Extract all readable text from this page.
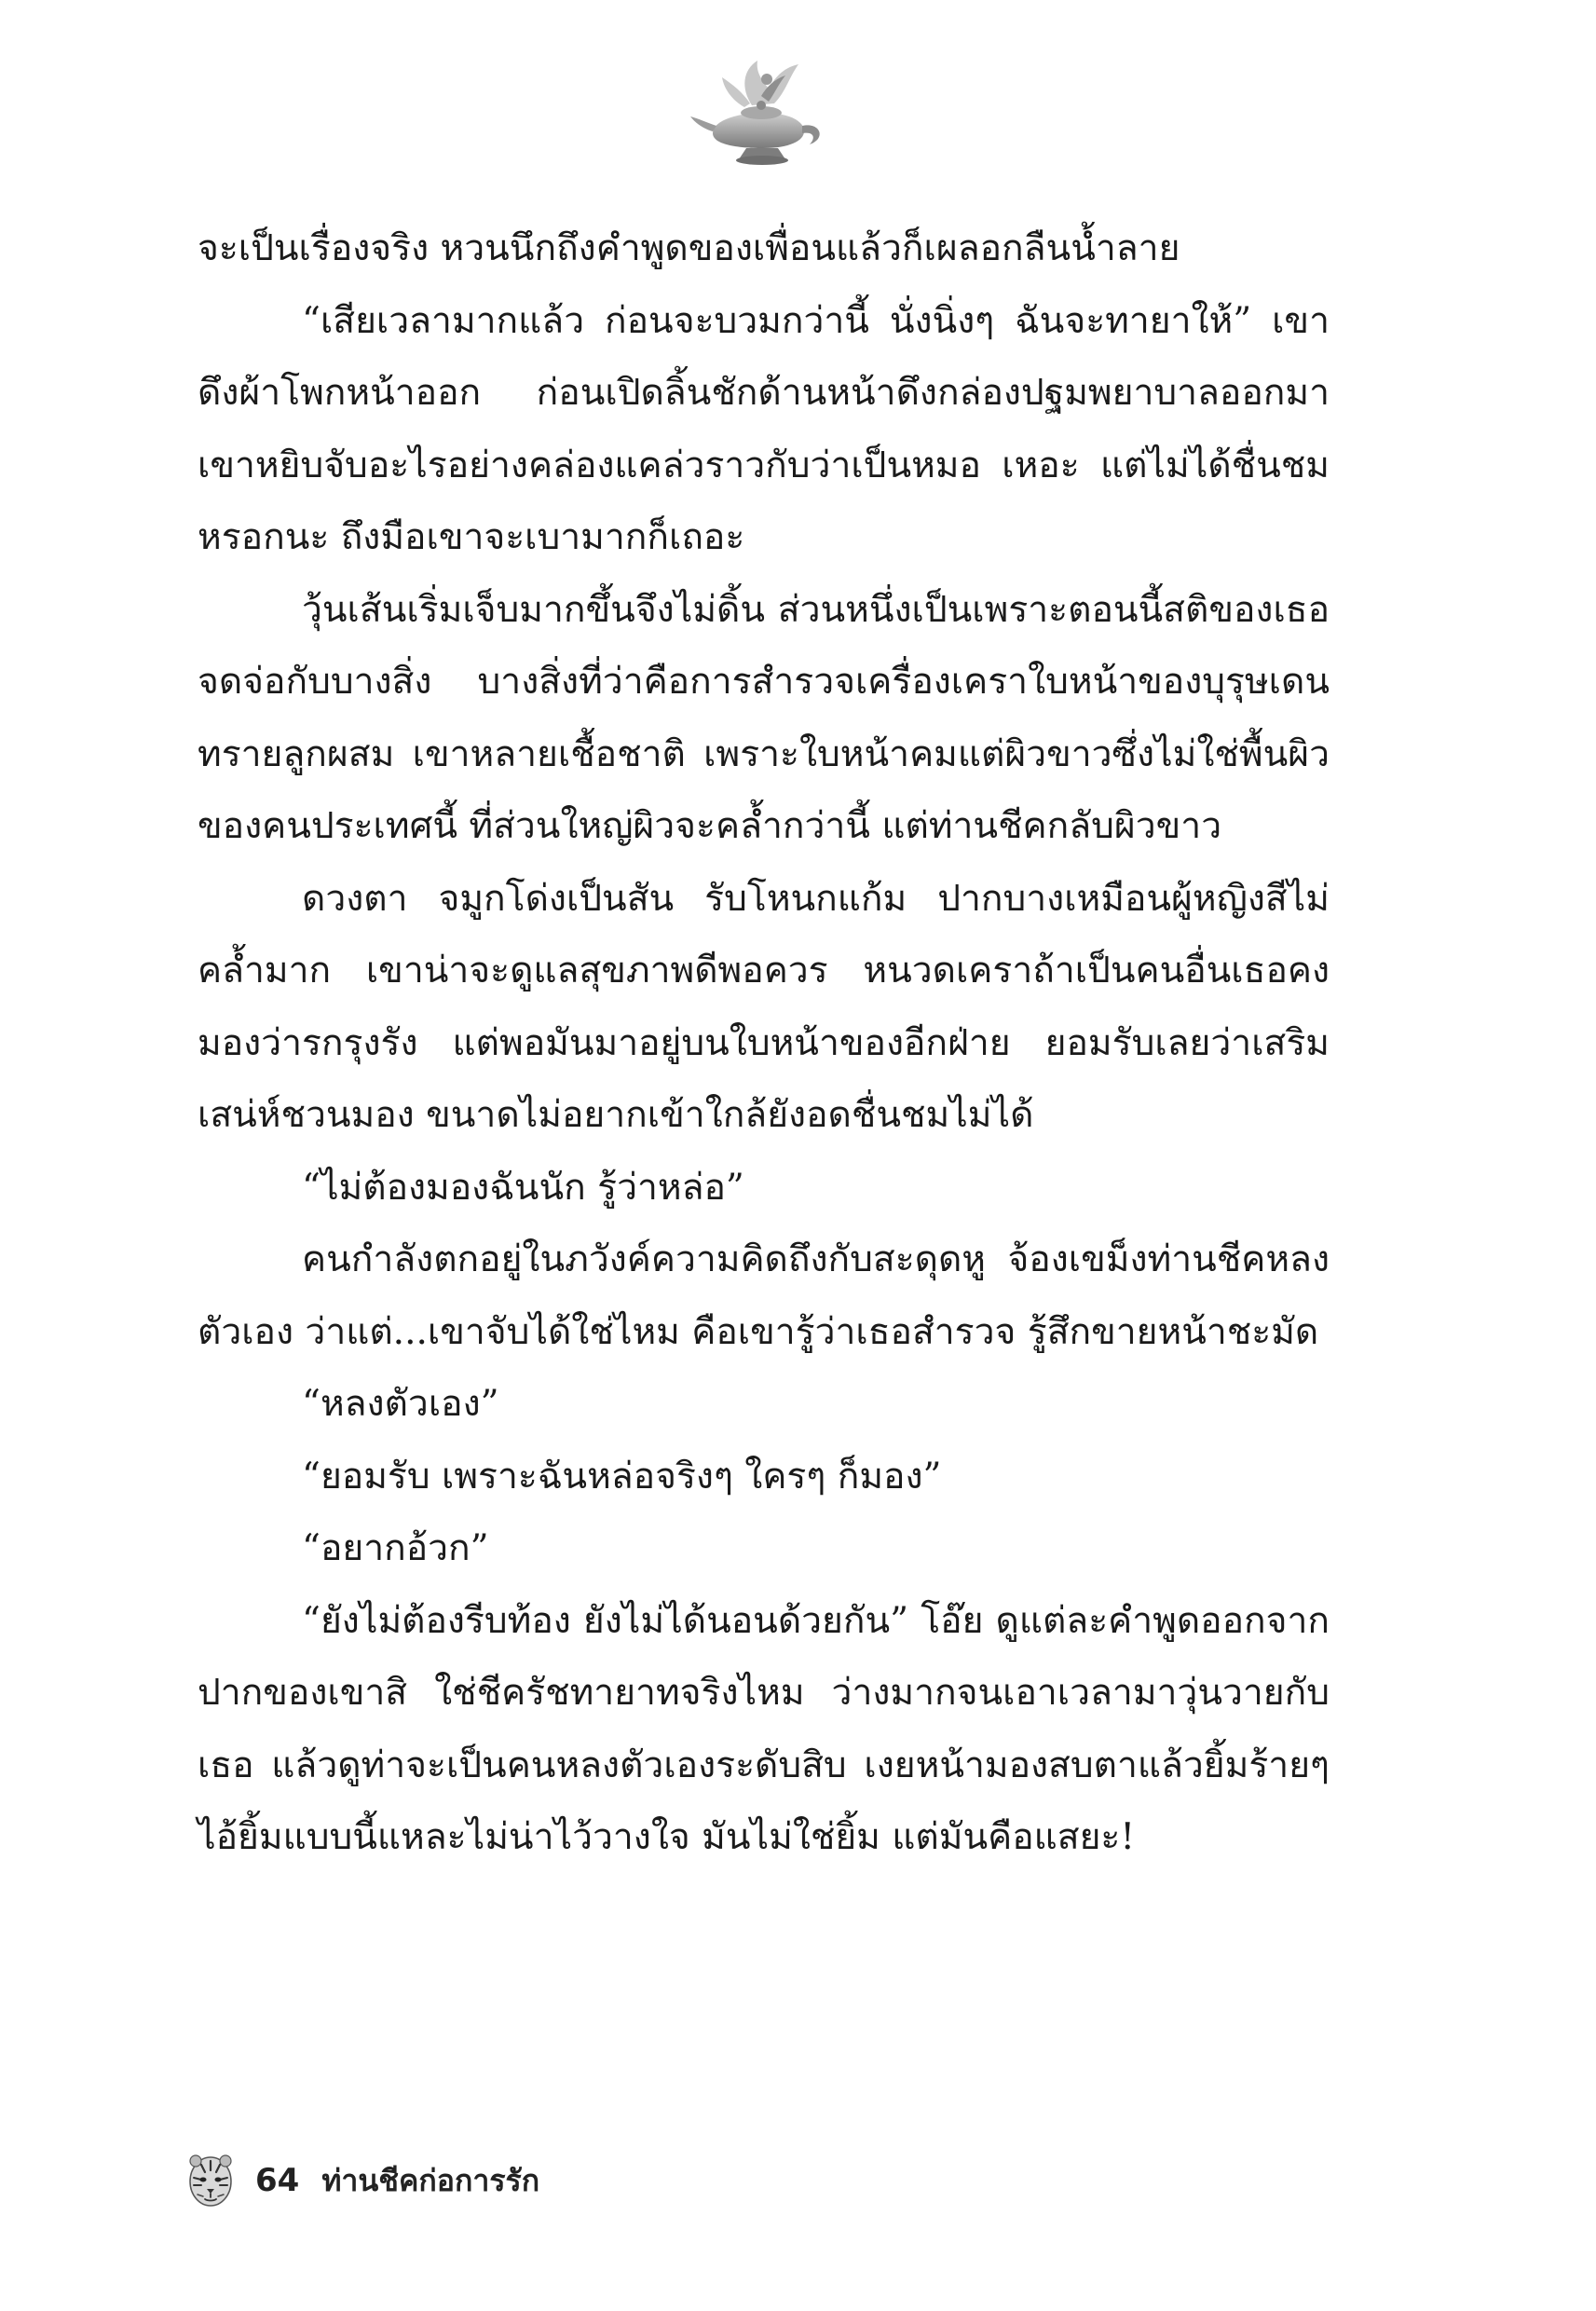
จะเป็นเรื่องจริง หวนนึกถึงคำพูดของเพื่อนแล้วก็เผลอกลืนน้ำลาย

“เสียเวลามากแล้ว ก่อนจะบวมกว่านี้ นั่งนิ่งๆ ฉันจะทายาให้” เขาดึงผ้าโพกหน้าออก ก่อนเปิดลิ้นชักด้านหน้าดึงกล่องปฐมพยาบาลออกมา เขาหยิบจับอะไรอย่างคล่องแคล่วราวกับว่าเป็นหมอ เหอะ แต่ไม่ได้ชื่นชมหรอกนะ ถึงมือเขาจะเบามากก็เถอะ

วุ้นเส้นเริ่มเจ็บมากขึ้นจึงไม่ดิ้น ส่วนหนึ่งเป็นเพราะตอนนี้สติของเธอจดจ่อกับบางสิ่ง บางสิ่งที่ว่าคือการสำรวจเครื่องเคราใบหน้าของบุรุษเดนทรายลูกผสม เขาหลายเชื้อชาติ เพราะใบหน้าคมแต่ผิวขาวซึ่งไม่ใช่พื้นผิวของคนประเทศนี้ ที่ส่วนใหญ่ผิวจะคล้ำกว่านี้ แต่ท่านชีคกลับผิวขาว

ดวงตา จมูกโด่งเป็นสัน รับโหนกแก้ม ปากบางเหมือนผู้หญิงสีไม่คล้ำมาก เขาน่าจะดูแลสุขภาพดีพอควร หนวดเคราถ้าเป็นคนอื่นเธอคงมองว่ารกรุงรัง แต่พอมันมาอยู่บนใบหน้าของอีกฝ่าย ยอมรับเลยว่าเสริมเสน่ห์ชวนมอง ขนาดไม่อยากเข้าใกล้ยังอดชื่นชมไม่ได้

“ไม่ต้องมองฉันนัก รู้ว่าหล่อ”

คนกำลังตกอยู่ในภวังค์ความคิดถึงกับสะดุดหู จ้องเขม็งท่านชีคหลงตัวเอง ว่าแต่...เขาจับได้ใช่ไหม คือเขารู้ว่าเธอสำรวจ รู้สึกขายหน้าชะมัด

“หลงตัวเอง”

“ยอมรับ เพราะฉันหล่อจริงๆ ใครๆ ก็มอง”

“อยากอ้วก”

“ยังไม่ต้องรีบท้อง ยังไม่ได้นอนด้วยกัน” โอ๊ย ดูแต่ละคำพูดออกจากปากของเขาสิ ใช่ชีครัชทายาทจริงไหม ว่างมากจนเอาเวลามาวุ่นวายกับเธอ แล้วดูท่าจะเป็นคนหลงตัวเองระดับสิบ เงยหน้ามองสบตาแล้วยิ้มร้ายๆ ไอ้ยิ้มแบบนี้แหละไม่น่าไว้วางใจ มันไม่ใช่ยิ้ม แต่มันคือแสยะ!

64 ท่านชีคก่อการรัก
